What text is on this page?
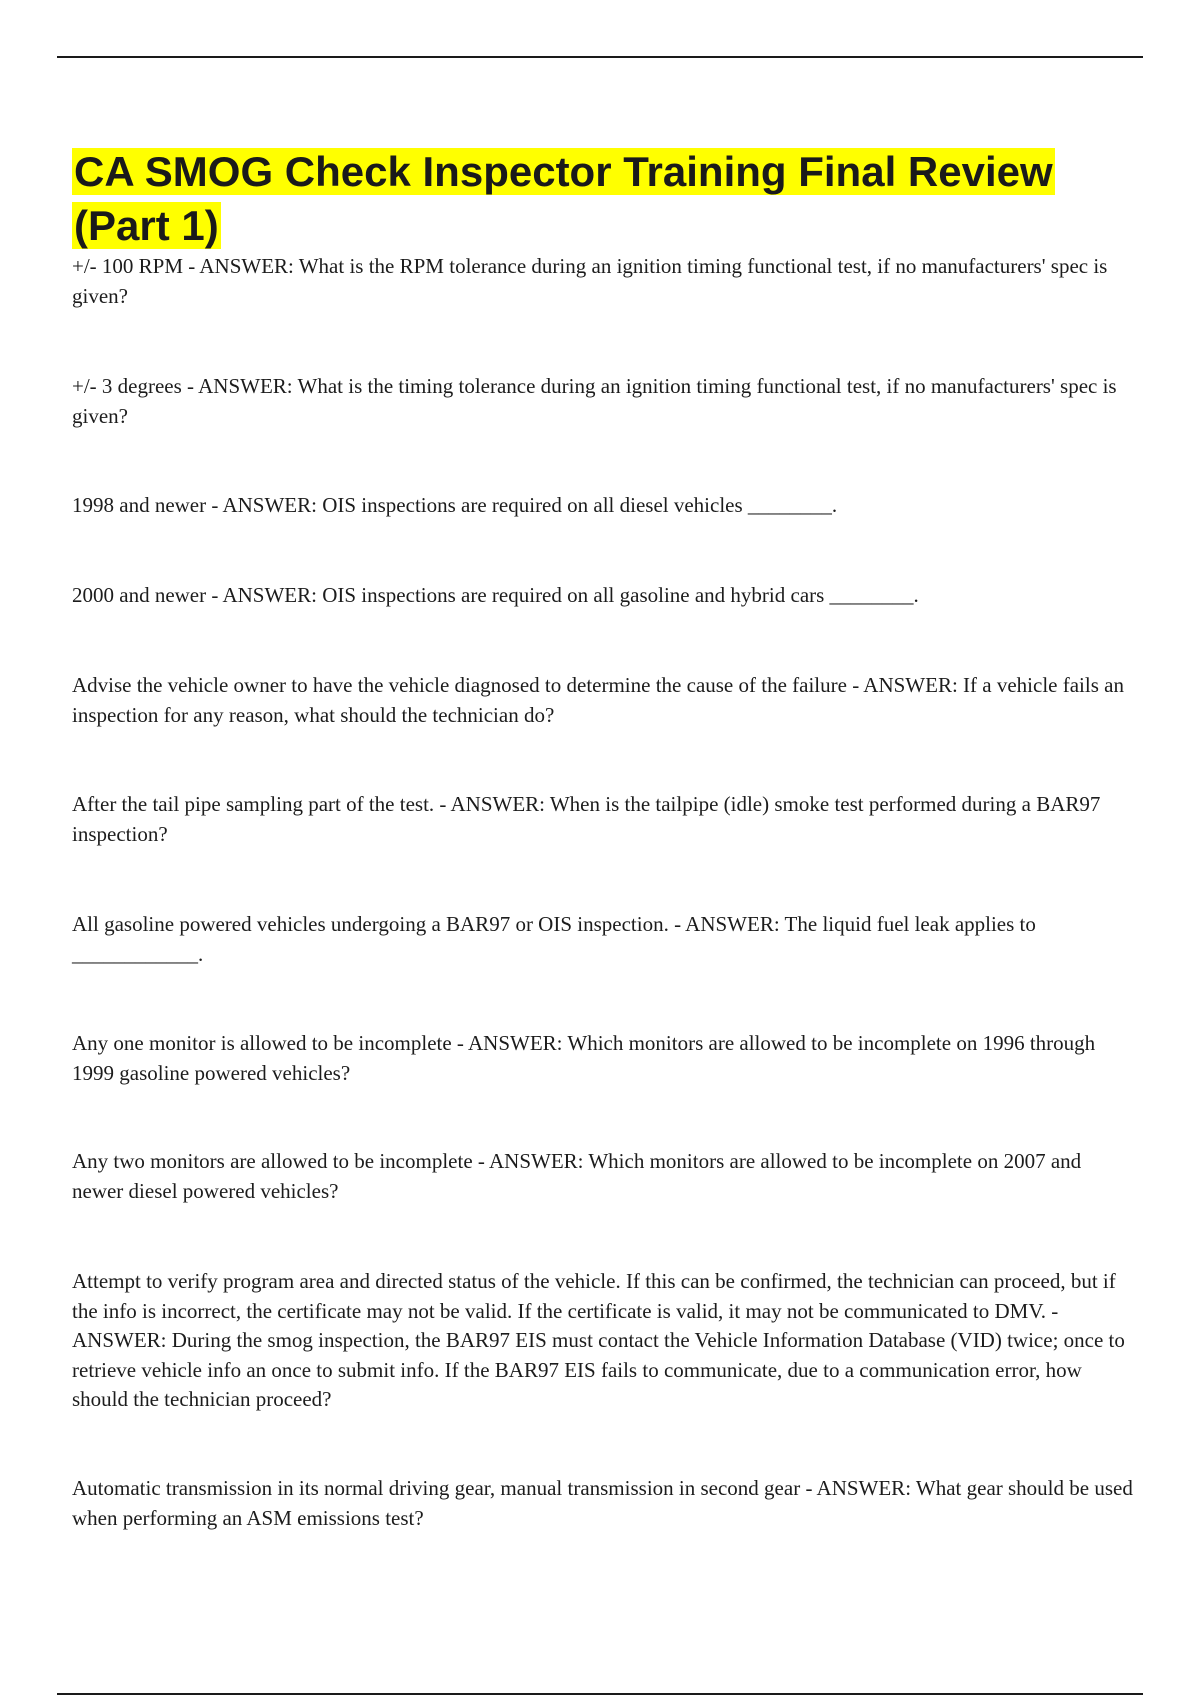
CA SMOG Check Inspector Training Final Review (Part 1)

+/- 100 RPM - ANSWER: What is the RPM tolerance during an ignition timing functional test, if no manufacturers' spec is given?

+/- 3 degrees - ANSWER: What is the timing tolerance during an ignition timing functional test, if no manufacturers' spec is given?

1998 and newer - ANSWER: OIS inspections are required on all diesel vehicles ________.

2000 and newer - ANSWER: OIS inspections are required on all gasoline and hybrid cars ________.

Advise the vehicle owner to have the vehicle diagnosed to determine the cause of the failure - ANSWER: If a vehicle fails an inspection for any reason, what should the technician do?

After the tail pipe sampling part of the test. - ANSWER: When is the tailpipe (idle) smoke test performed during a BAR97 inspection?

All gasoline powered vehicles undergoing a BAR97 or OIS inspection. - ANSWER: The liquid fuel leak applies to ____________.

Any one monitor is allowed to be incomplete - ANSWER: Which monitors are allowed to be incomplete on 1996 through 1999 gasoline powered vehicles?

Any two monitors are allowed to be incomplete - ANSWER: Which monitors are allowed to be incomplete on 2007 and newer diesel powered vehicles?

Attempt to verify program area and directed status of the vehicle. If this can be confirmed, the technician can proceed, but if the info is incorrect, the certificate may not be valid. If the certificate is valid, it may not be communicated to DMV. - ANSWER: During the smog inspection, the BAR97 EIS must contact the Vehicle Information Database (VID) twice; once to retrieve vehicle info an once to submit info. If the BAR97 EIS fails to communicate, due to a communication error, how should the technician proceed?

Automatic transmission in its normal driving gear, manual transmission in second gear - ANSWER: What gear should be used when performing an ASM emissions test?
